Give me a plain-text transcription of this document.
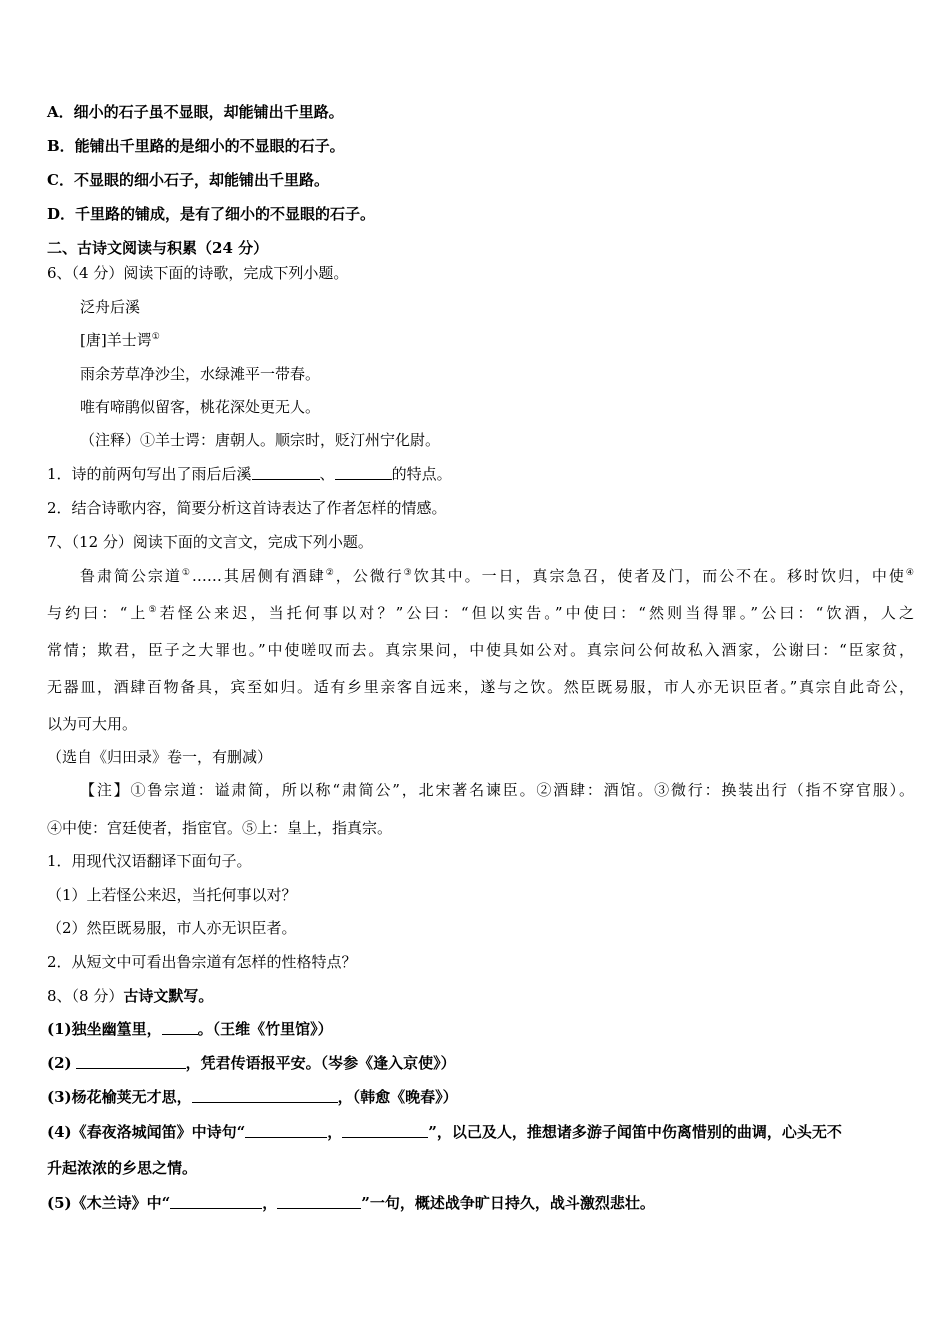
A．细小的石子虽不显眼，却能铺出千里路。
B．能铺出千里路的是细小的不显眼的石子。
C．不显眼的细小石子，却能铺出千里路。
D．千里路的铺成，是有了细小的不显眼的石子。
二、古诗文阅读与积累（24 分）
6、（4 分）阅读下面的诗歌，完成下列小题。
泛舟后溪
[唐]羊士谔①
雨余芳草净沙尘，水绿滩平一带春。
唯有啼鹃似留客，桃花深处更无人。
（注释）①羊士谔：唐朝人。顺宗时，贬汀州宁化尉。
1．诗的前两句写出了雨后后溪	、	的特点。
2．结合诗歌内容，简要分析这首诗表达了作者怎样的情感。
7、（12 分）阅读下面的文言文，完成下列小题。
鲁肃简公宗道①……其居侧有酒肆②，公微行③饮其中。一日，真宗急召，使者及门，而公不在。移时饮归，中使④
与约曰：“上⑤若怪公来迟，当托何事以对？”公曰：“但以实告。”中使曰：“然则当得罪。”公曰：“饮酒，人之
常情；欺君，臣子之大罪也。”中使嗟叹而去。真宗果问，中使具如公对。真宗问公何故私入酒家，公谢曰：“臣家贫，
无器皿，酒肆百物备具，宾至如归。适有乡里亲客自远来，遂与之饮。然臣既易服，市人亦无识臣者。”真宗自此奇公，
以为可大用。
（选自《归田录》卷一，有删减）
【注】①鲁宗道：谥肃简，所以称“肃简公”，北宋著名谏臣。②酒肆：酒馆。③微行：换装出行（指不穿官服）。
④中使：宫廷使者，指宦官。⑤上：皇上，指真宗。
1．用现代汉语翻译下面句子。
（1）上若怪公来迟，当托何事以对？
（2）然臣既易服，市人亦无识臣者。
2．从短文中可看出鲁宗道有怎样的性格特点？
8、（8 分）古诗文默写。
(1)独坐幽篁里， 。（王维《竹里馆》）
(2)	，凭君传语报平安。（岑参《逢入京使》）
(3)杨花榆荚无才思，	，（韩愈《晚春》）
(4)《春夜洛城闻笛》中诗句“	，	”，以己及人，推想诸多游子闻笛中伤离惜别的曲调，心头无不
升起浓浓的乡思之情。
(5)《木兰诗》中“	，	”一句，概述战争旷日持久，战斗激烈悲壮。
